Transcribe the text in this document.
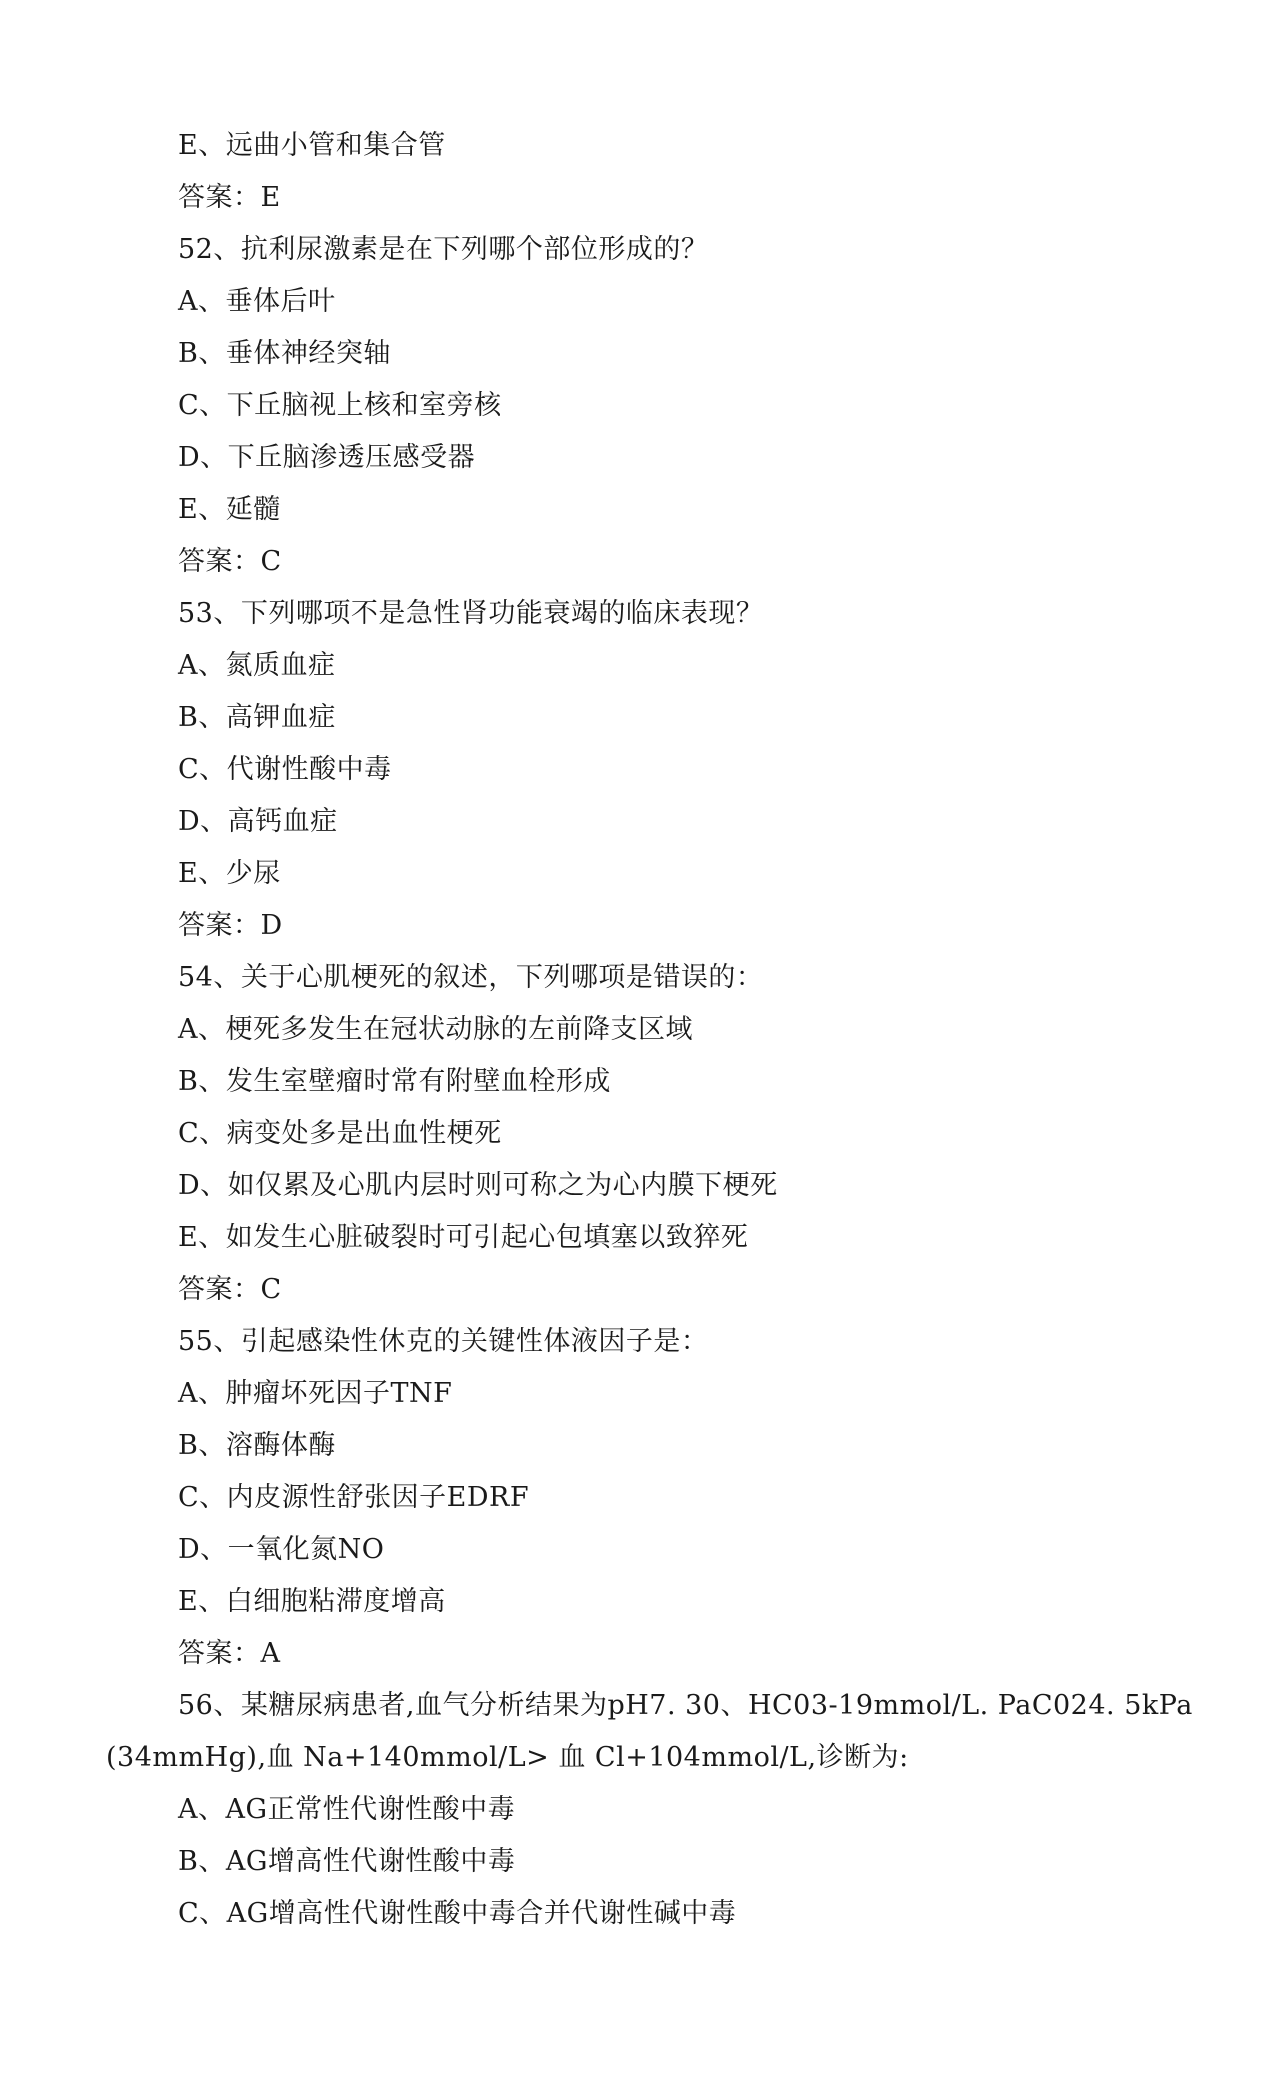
E、远曲小管和集合管
答案：E
52、抗利尿激素是在下列哪个部位形成的？
A、垂体后叶
B、垂体神经突轴
C、下丘脑视上核和室旁核
D、下丘脑渗透压感受器
E、延髓
答案：C
53、下列哪项不是急性肾功能衰竭的临床表现？
A、氮质血症
B、高钾血症
C、代谢性酸中毒
D、高钙血症
E、少尿
答案：D
54、关于心肌梗死的叙述，下列哪项是错误的：
A、梗死多发生在冠状动脉的左前降支区域
B、发生室壁瘤时常有附壁血栓形成
C、病变处多是出血性梗死
D、如仅累及心肌内层时则可称之为心内膜下梗死
E、如发生心脏破裂时可引起心包填塞以致猝死
答案：C
55、引起感染性休克的关键性体液因子是：
A、肿瘤坏死因子TNF
B、溶酶体酶
C、内皮源性舒张因子EDRF
D、一氧化氮NO
E、白细胞粘滞度增高
答案：A
56、某糖尿病患者,血气分析结果为pH7. 30、HC03-19mmol/L. PaC024. 5kPa
(34mmHg),血 Na+140mmol/L> 血 Cl+104mmol/L,诊断为:
A、AG正常性代谢性酸中毒
B、AG增高性代谢性酸中毒
C、AG增高性代谢性酸中毒合并代谢性碱中毒
